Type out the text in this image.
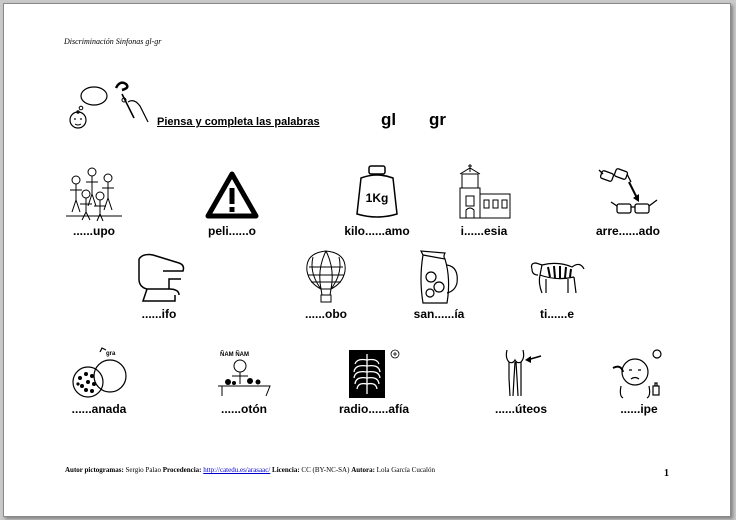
Discriminación Sinfonas gl-gr
Piensa y completa las palabras	gl gr
......upo	peli......o
1Kg
kilo......amo	i......esia	arre......ado
......ifo	......obo	san......ía	ti......e
gra
......anada
ÑAM ÑAM
......otón	radio......afía	......úteos	......ipe
Autor pictogramas: Sergio Palao Procedencia: http://catedu.es/arasaac/ Licencia: CC (BY-NC-SA) Autora: Lola García Cucalón	1
